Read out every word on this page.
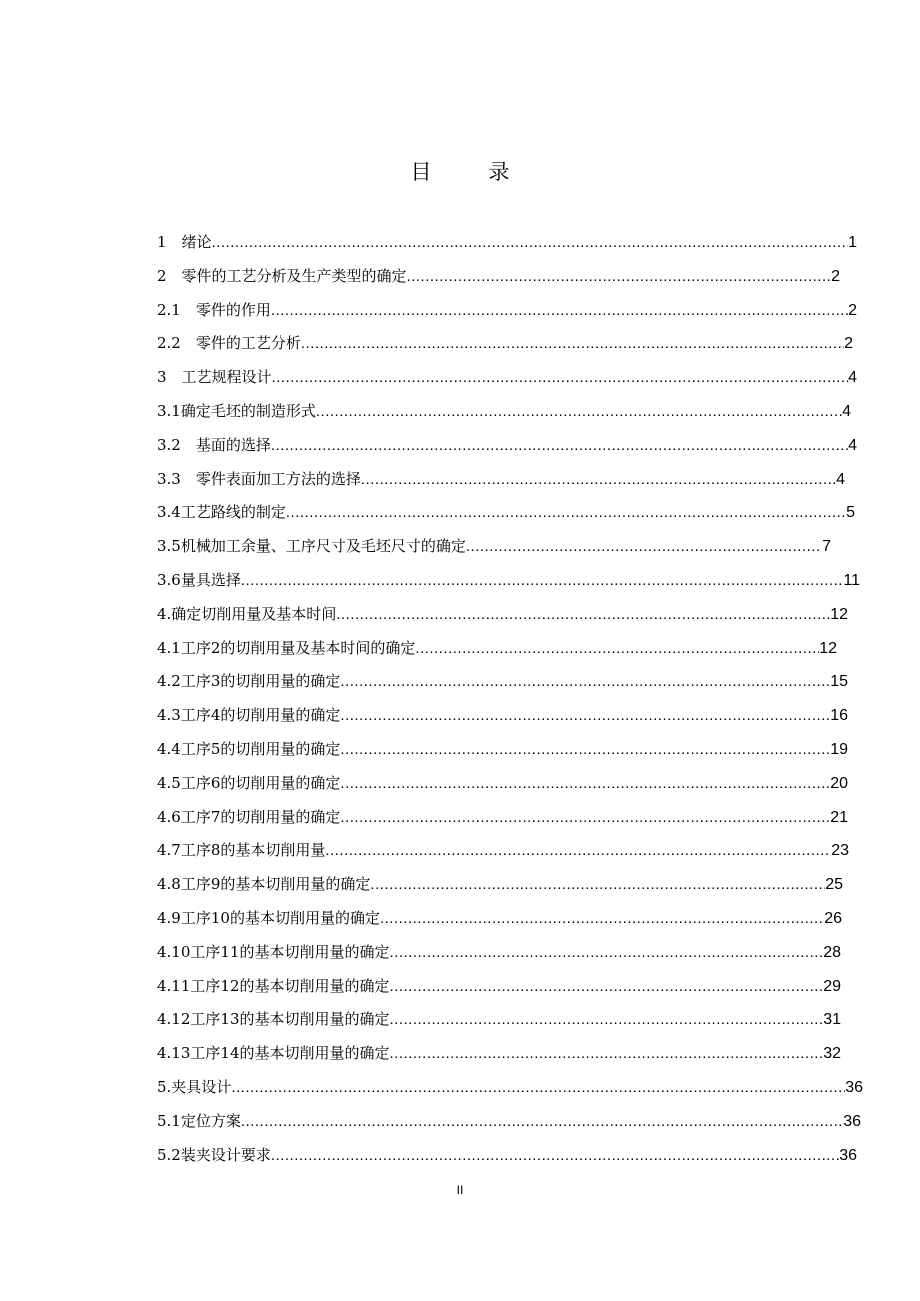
目　录
1　绪论 .....	1
2　零件的工艺分析及生产类型的确定 .....	2
2.1　零件的作用 .....	2
2.2　零件的工艺分析 .....	2
3　工艺规程设计 .....	4
3.1确定毛坯的制造形式 .....	4
3.2　基面的选择 .....	4
3.3　零件表面加工方法的选择 .....	4
3.4工艺路线的制定 .....	5
3.5机械加工余量、工序尺寸及毛坯尺寸的确定 .....	7
3.6量具选择 .....	11
4.确定切削用量及基本时间 .....	12
4.1工序2的切削用量及基本时间的确定 .....	12
4.2工序3的切削用量的确定 .....	15
4.3工序4的切削用量的确定 .....	16
4.4工序5的切削用量的确定 .....	19
4.5工序6的切削用量的确定 .....	20
4.6工序7的切削用量的确定 .....	21
4.7工序8的基本切削用量 .....	23
4.8工序9的基本切削用量的确定 .....	25
4.9工序10的基本切削用量的确定 .....	26
4.10工序11的基本切削用量的确定 .....	28
4.11工序12的基本切削用量的确定 .....	29
4.12工序13的基本切削用量的确定 .....	31
4.13工序14的基本切削用量的确定 .....	32
5.夹具设计 .....	36
5.1定位方案 .....	36
5.2装夹设计要求 .....	36
II
